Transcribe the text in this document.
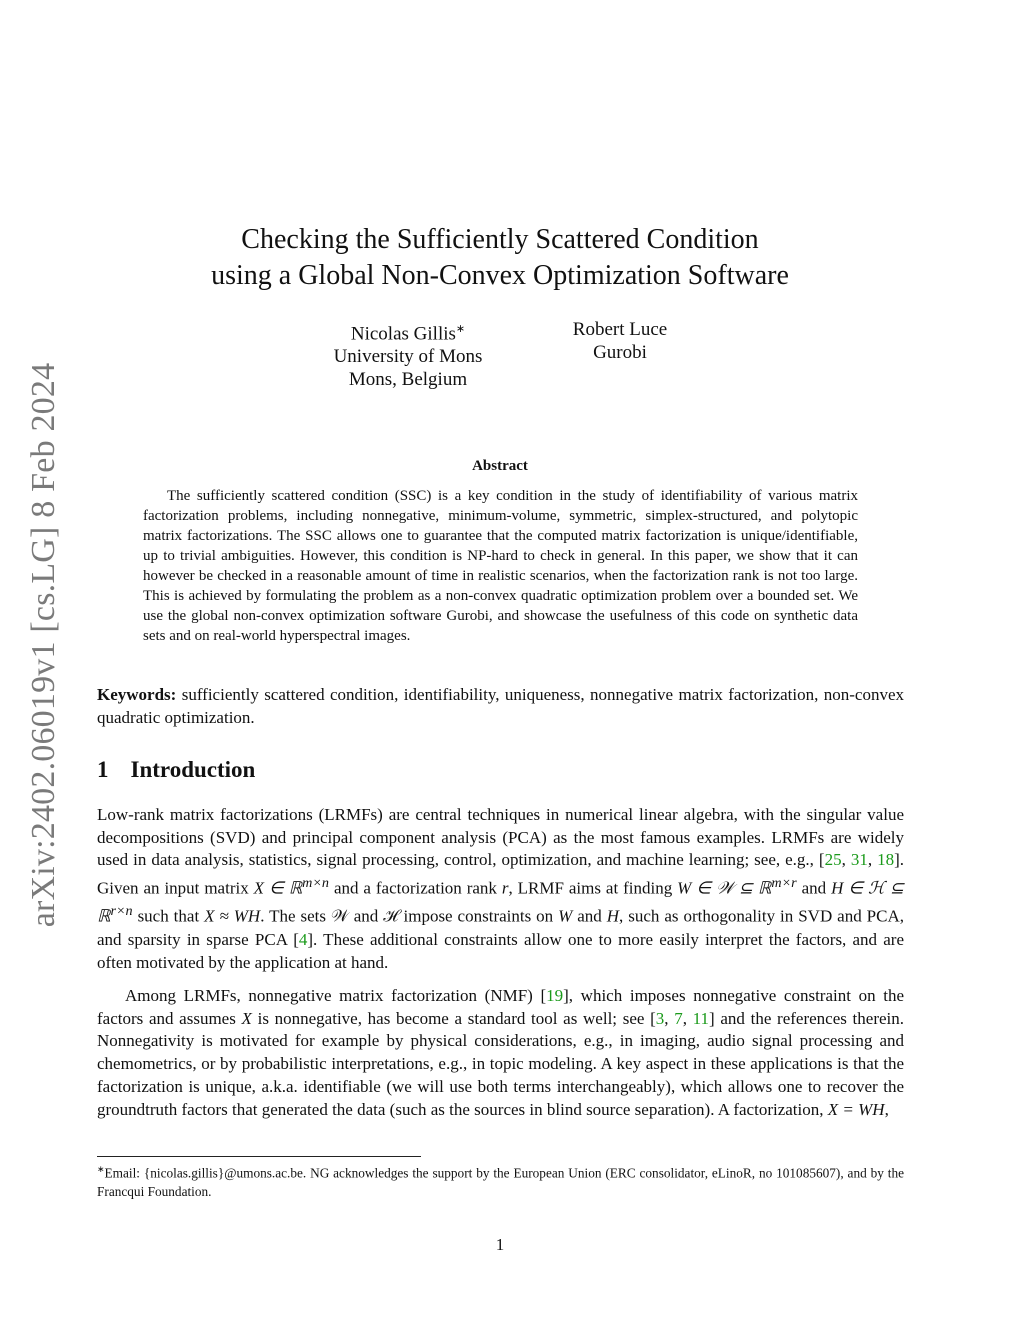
arXiv:2402.06019v1 [cs.LG] 8 Feb 2024
Checking the Sufficiently Scattered Condition
using a Global Non-Convex Optimization Software
Nicolas Gillis∗
University of Mons
Mons, Belgium
Robert Luce
Gurobi
Abstract

The sufficiently scattered condition (SSC) is a key condition in the study of identifiability of various matrix factorization problems, including nonnegative, minimum-volume, symmetric, simplex-structured, and polytopic matrix factorizations. The SSC allows one to guarantee that the computed matrix factorization is unique/identifiable, up to trivial ambiguities. However, this condition is NP-hard to check in general. In this paper, we show that it can however be checked in a reasonable amount of time in realistic scenarios, when the factorization rank is not too large. This is achieved by formulating the problem as a non-convex quadratic optimization problem over a bounded set. We use the global non-convex optimization software Gurobi, and showcase the usefulness of this code on synthetic data sets and on real-world hyperspectral images.

Keywords: sufficiently scattered condition, identifiability, uniqueness, nonnegative matrix factorization, non-convex quadratic optimization.

1 Introduction

Low-rank matrix factorizations (LRMFs) are central techniques in numerical linear algebra, with the singular value decompositions (SVD) and principal component analysis (PCA) as the most famous examples. LRMFs are widely used in data analysis, statistics, signal processing, control, optimization, and machine learning; see, e.g., [25, 31, 18]. Given an input matrix X ∈ ℝ$^{m\times n}$ and a factorization rank r, LRMF aims at finding W ∈ 𝒲 ⊆ ℝ$^{m\times r}$ and H ∈ ℋ ⊆ ℝ$^{r\times n}$ such that X ≈ WH. The sets 𝒲 and ℋ impose constraints on W and H, such as orthogonality in SVD and PCA, and sparsity in sparse PCA [4]. These additional constraints allow one to more easily interpret the factors, and are often motivated by the application at hand.

Among LRMFs, nonnegative matrix factorization (NMF) [19], which imposes nonnegative constraint on the factors and assumes X is nonnegative, has become a standard tool as well; see [3, 7, 11] and the references therein. Nonnegativity is motivated for example by physical considerations, e.g., in imaging, audio signal processing and chemometrics, or by probabilistic interpretations, e.g., in topic modeling. A key aspect in these applications is that the factorization is unique, a.k.a. identifiable (we will use both terms interchangeably), which allows one to recover the groundtruth factors that generated the data (such as the sources in blind source separation). A factorization, X = WH,

∗Email: {nicolas.gillis}@umons.ac.be. NG acknowledges the support by the European Union (ERC consolidator, eLinoR, no 101085607), and by the Francqui Foundation.

1
